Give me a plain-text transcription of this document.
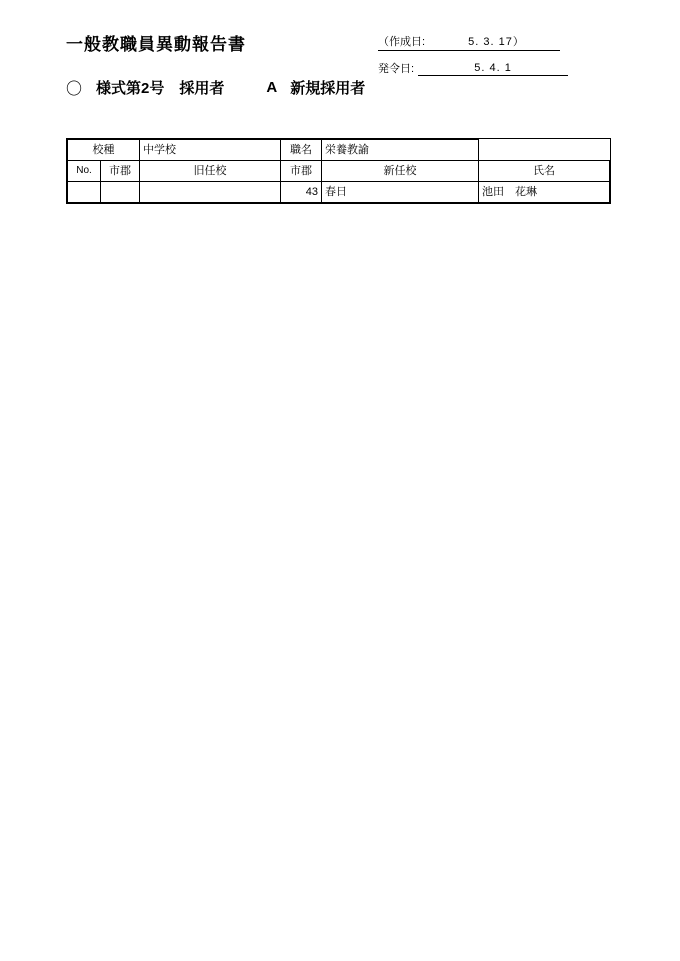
一般教職員異動報告書	（作成日:	5. 3. 17）
発令日:	5. 4. 1
〇 様式第2号　採用者	A 新規採用者
校種		中学校	職名	栄養教諭	
No.	市郡	旧任校	市郡	新任校	氏名
			43	春日	池田　花琳
